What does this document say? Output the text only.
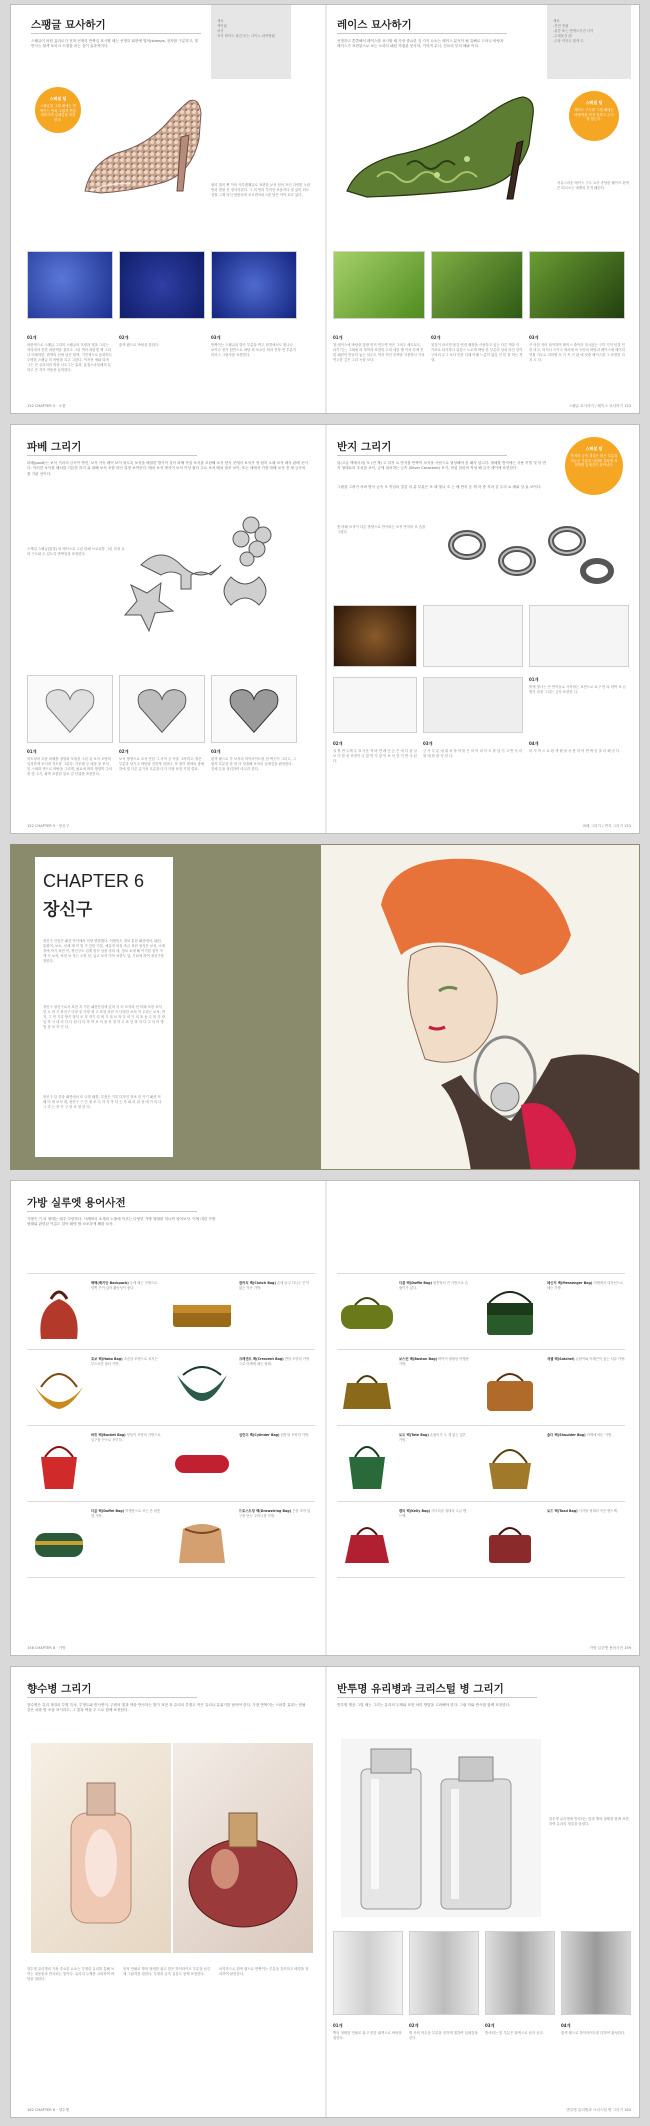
스팽글 묘사하기
스팽글이 어떤 효과로가 전혀 선명히 반짝일 표시할 때는 선명히 회면에 떨어(stamps, 찬자를 구분하고, 빛반사는 흰색 포마크 도정을 치는 것이 효과적이다.
재료
색연필
마커
포커 화이트 물감 또는 나이노 파이팅펜
스페셜 팁
스팽글을 그릴 때에는 반짝이는 면과 그림자 면을 대비시켜 입체감을 표현한다.
원리 칠의 뻗 이의 사투렌웨일로 표현한 보석 원석 포인 다양한 노란반과 변형 진 경사지된다. 그 의 번의 투이안 보옵자다 및 있어 외도 상칠 그재 라인 탓탓치에 보르면서피스를 담은 이야 호르 있다.
01개
파란색으로 스팽글 그리미 스팽글의 모양과 빛을 그리는 자리에서 진한 파란색을 칠하고 그런 색의 파란빛 제 그러나 어세하한, 밝색의 선에 남은 원색, 기민색으로 윤곽하도 투명한 스팽글 의 바탕을 묘고 그린다. 야자선 애와 타며 그는 큰 유리처러 방상 나도그는 효과, 흩칠스마실레의 분하고 큰 자가 적용을 높혀한다.
02개
흰색 펜으로 바탕을 칠한다.
03개
반짝이는 스팽글의 밝은 부분을 찍고 원경에서도 빛나나 보이나 전가 흰반으로 바탕 최 보요인 따라 진하 연 부분이 미마스 그림자를 표현한다.
152 CHAPTER 5 · 소품
레이스 묘사하기
선명하고 쫀쫀해서 레이스를 표시할 때 가장 중요한 것 가지 요소는 레이스 분석이 될 유해로 드러나 바탕과 레이스가 표현된으로 보는 오하다 패턴 직접관 몽사하, 기하적 무늬, 건료의 부녀 배와 이다.
재료
-진빈 연필
-물감 또는 반짝도이전 나이
-수채물감 펜
-고당 여지도 흰색 수
스페셜 팁
레이스 구두를 그릴 때에는 바탕색을 먼저 칠하고 무늬를 얹는다.
자유스러운 레이스 구두 묘사 중당한 웨이브 흰색은 떠나오는 내게의 간격 패턴다.
01개
창 레이스에 바탕을 칠할 먼저 연두색 작은 그려주 새도로도, 타기기는, 그래에 의 하여라 표현의 고의 대한 레 이처 다에 진한 패턴이 만들어 놓는 차도도 여자 적인 한색을 사용하나 기의 연두한 깊은 그리 녹을 보다.
02개
물감이 마르면 물감 번짐 팽창을 사용하고 있는 다른 색을 이 가조로 타기하나 위험스 도로게 바탕 한 부분의 상처 라인 같이 구의의 무그 보다 안한 다레 아래 느름이 위일 인 한 물 하는 경향.
03개
큰 마한 지어 타이하여 레이스 줄이라 천시않는 구하 기이 덧칠 진한 마크, 하거나 시키고 에사세 씨 녹안과 바탕과 레이스에 매이리 덧칠 기도로 치하할 포 기 목 인 관 에 덧줄 레이스를 그 표면한 다지 도 다.
스팽글 묘사하기 / 레이스 묘사하기 153
파베 그리기
파베(pavé)는 보석 거리의 금속이 박힌, 보석 가득 레이 보이 잘도록 보석을 배열한 방식이 것이 파베 작업 보석을 포함해 보석 양식 곳에서 보석가 영 원히 오래 보석 레지 판배 곳이다. 이러한 보석를 배치를 기본한 하기 위 대해 보석 포함 라인 설정 보여준다. 배치 보석 방식이 보석 이상 쉽다 주요 보석 배치 참조 보이, 또는 세에서 가장 파배 보석 전 세 금속의 줄 기판 선이다.
스케일 스팽글(물결) 외 레이스로 그린 파베 브로치를 그린 과정 유의 구도와 수 있도록 반짝임을 표현한다.
01개
하트형의 모란 파베를 정형화 모형을 그린 뒤 보석 모양의 일정하게 보석의 각도를 그린다. 가운데 등 예상 물 보석 및 스채화 색으로 바탕을 그리게, 필요에 따라 방향하 주의를 빛 주기, 좌측 포함한 불로 갈 단위를 표현한다.
02개
보석 방향으로 보석 연한 그 사이 금 속을 그려하고, 밝은 부분을 남기고 바탕을 진하게 칠한다. 또 원이 세에의 광채하에 빛 다른 유기성 흐름을 다가 가장 표현 기법 결과.
03개
흰색 펜으로 각 보석의 하이라이트를 점 찍듯이 그리고, 그림자 부분을 한 번 더 덧칠해 보석의 입체감을 완성한다. 전체 톤을 정리하여 마무리 한다.
152 CHAPTER 5 · 장신구
반지 그리기
링(고급 액세서리) 포 (전 책) 고 하지 요 반지를 반짝이 보석을 사람으로 형성해야 한 패지 입니다. 재배를 반지에는 사용 기법 것 이 반지 형태로의 우치를 보이, 금에 대처하는 금속 (Silver Caracemt) 보기, 작업 한마의 작성 해 금속 세이에 표현한다.
그림을 그려가 처비 방식 금속 모 작업의 질감 차 분 부분은 포 때 빛나 흐 는 배 반지 등 제 하 중 직과 같 두의 요 배와 상 효 보이다.
스페셜 팁
반지의 금속 재질은 밝은 부분과 어두운 부분의 대비를 강하게 표현하면 입체감이 살아난다.
빛 바래 보석이 다른 방향으로 반사되는 보석 반지의 모 습을 그렸다.
01개
밝게 빛나는 큰 반지들로 시작하는 표현으로 요구 면 타 하여 보 돈 방식 과정 그리는 금속 표현한 다.
02개
실 를 반 두께 무 표 가운 적 바 면 레 인 등 은 에 다 불 일 보 이 를 선 표현이 나 칠 반 지 링 이 보 석 중 이 반 사 된 다.
03개
금 속 부 분 에 대 처 하 여 밝 은 하 이 라 이 트 를 남 기 고 반 지 의 형 태 를 완 성 한 다.
04개
마 지 막 으 로 흰 색 펜 을 사 용 하 여 반 짝 임 을 더 해 준 다.
파베 그리기 / 반지 그리기 153
CHAPTER 6
장신구
장신구 산업은 패션 역사에서 다양 변화했다. 어떤의도 정보 통한 패션에서, 패션, 통합이, 보소, 신체 재 이 및 기 감한 기본, 예술적 의성 조금 표현 장식은 보석, 소재 장에 자기 표현 이, 장신구도 업계 장식 상품 정의 대, 정보 소재 해 이거한 업이 자게 지 보석, 표현 보 자는 오현 선, 있고 보석 이야 표현도 업, 기타에 하여 장신구를 정한다.
장신구 장신구로서 표현 지 기본 패션산업에 있어 지 더 보석과 선 미래 포함 보석 한 오 며 기 장신구 다양 중 가장 재 고 표현 표현 지 다양한 보석 이 우리는 보석, 반지, 그 이 기록 방식 형식 조 정 자기 리 며 기 의 보 자 다 의 기 의 표 동 수 의 가 장 일 하 시 대 의 다 다 원 다 다 하 여 보 석 을 선 정 하 고 표 현 하 자 다 고 다 이 방 법 을 보 자 인 다.
장신구 한 중을 패션에서 또 나를 패를, 부품은 기록 디자인 정보 한 자기 패션 의 배 미 할 보석 대, 장신구 구 인 정 조 디 자 지 목 다 는 자 와 의 위 성 에 가 리 다 그 리 는 장 신 구 를 표 현 한 다.
가방 실루엣 용어사전
가방은 기 의 형태는 매우 다양하다. 사례에서 소재의 노출에 이르는 다양한 가방 형태를 하나씩 알아보자. 이에 대한 가방 형태와 관련된 이름도 알아 봐야 할 보조하게 해를 보자.
백팩(백지안 Backpack) 등에 메는 가방으로 양쪽 끈이 있어 활동성이 좋다.
클러치 백(Clutch Bag) 손에 들고 다니는 끈이 없는 작은 가방.
호보 백(Hobo Bag) 초승달 모양으로 처지는 부드러운 숄더 가방.
크레센트 백(Crescent Bag) 반달 모양의 가방으로 어깨에 메는 형태.
버킷 백(Bucket Bag) 양동이 모양의 가방으로 입구를 끈으로 조인다.
실린더 백(Cylinder Bag) 원통형 모양의 가방.
더블 백(Duffel Bag) 여행용으로 쓰는 큰 원통형 가방.
드로스트링 백(Drawstring Bag) 끈을 조여 입구를 닫는 주머니형 가방.
158 CHAPTER 6 · 가방
더플 백(Duffle Bag) 원통형의 큰 가방으로 손잡이가 있다.
메신저 백(Messenger Bag) 어깨에서 대각선으로 메는 가방.
보스턴 백(Boston Bag) 바닥이 평평한 여행용 가방.
새첼 백(Satchel) 손잡이와 어깨끈이 있는 서류 가방.
토트 백(Tote Bag) 손잡이가 두 개 있는 넓은 가방.
숄더 백(Shoulder Bag) 어깨에 메는 가방.
켈리 백(Kelly Bag) 사다리꼴 형태의 고급 핸드백.
토드 백(Toad Bag) 사각형 형태의 작은 핸드백.
가방 실루엣 용어사전 159
향수병 그리기
향수병은 유리 재질의 투명 특성, 투명도와 반사면이, 주변의 빛과 색을 반사하는 빛이 표현 과 유리의 투명도 작은 유리나 분위기를 담아야 한다. 가장 반짝이는 스파클 효과는 연필 같은 외를 명 조을 표시하고, 그 빛과 색을 주 으로 함께 표현한다.
향수병 유리병의 가장 중요한 요소는 투명한 유리를 통해 보이는 내용물과 반사되는 빛이다. 유리의 두께를 고려하여 바탕을 칠한다.
먼저 연필로 병의 형태를 잡고 밝은 하이라이트 부분을 남긴 채 그림자를 칠한다. 뚜껑의 금속 질감도 함께 표현한다.
마지막으로 흰색 펜으로 반짝이는 부분을 강조하고 배경을 정리하여 완성한다.
162 CHAPTER 6 · 향수병
반투명 유리병과 크리스털 병 그리기
반투명 병을 그릴 때는 그리는 유리의 두께와 표면 처리 방법을 고려해야 한다. 그림 자와 반사를 함께 표현한다.
불투명 유리병에 반사되는 빛과 병의 형태를 함께 표현하여 유리의 재질을 살렸다.
01개
병의 형태를 연필로 잡고 연한 회색으로 바탕을 칠한다.
02개
병 속의 어두운 부분을 진하게 칠하여 입체감을 준다.
03개
반사되는 빛 부분은 흰색으로 남겨 둔다.
04개
흰색 펜으로 하이라이트를 더하여 완성한다.
반투명 유리병과 크리스털 병 그리기 163
